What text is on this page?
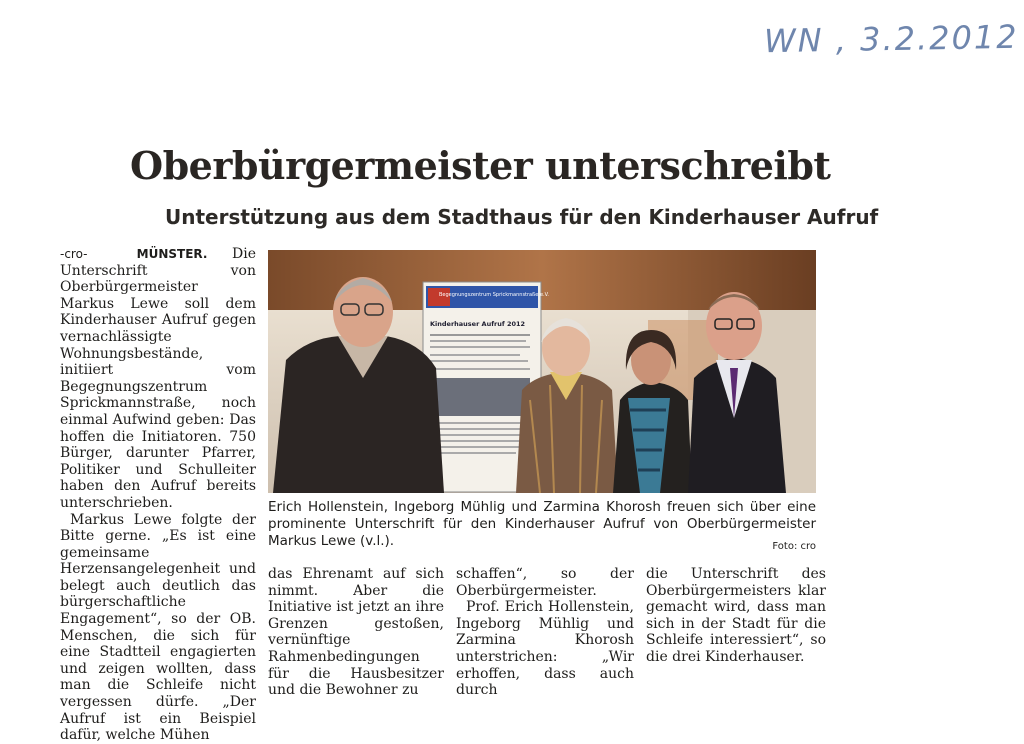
WN , 3.2.2012
Oberbürgermeister unterschreibt
Unterstützung aus dem Stadthaus für den Kinderhauser Aufruf

-cro-	MÜNSTER. Die Unterschrift von Oberbürgermeister Markus Lewe soll dem Kinderhauser Aufruf gegen vernachlässigte Wohnungsbestände, initiiert vom Begegnungszentrum Sprickmannstraße, noch einmal Aufwind geben: Das hoffen die Initiatoren. 750 Bürger, darunter Pfarrer, Politiker und Schulleiter haben den Aufruf bereits unterschrieben.

Markus Lewe folgte der Bitte gerne. „Es ist eine gemeinsame Herzensangelegenheit und belegt auch deutlich das bürgerschaftliche Engagement“, so der OB. Menschen, die sich für eine Stadtteil engagierten und zeigen wollten, dass man die Schleife nicht vergessen dürfe. „Der Aufruf ist ein Beispiel dafür, welche Mühen

Begegnungszentrum Sprickmannstraße e.V.
Kinderhauser Aufruf 2012

Erich Hollenstein, Ingeborg Mühlig und Zarmina Khorosh freuen sich über eine prominente Unterschrift für den Kinderhauser Aufruf von Oberbürgermeister Markus Lewe (v.l.).	Foto: cro

das Ehrenamt auf sich nimmt. Aber die Initiative ist jetzt an ihre Grenzen gestoßen, vernünftige Rahmenbedingungen für die Hausbesitzer und die Bewohner zu

schaffen“, so der Oberbürgermeister.

Prof. Erich Hollenstein, Ingeborg Mühlig und Zarmina Khorosh unterstrichen: „Wir erhoffen, dass auch durch

die Unterschrift des Oberbürgermeisters klar gemacht wird, dass man sich in der Stadt für die Schleife interessiert“, so die drei Kinderhauser.
